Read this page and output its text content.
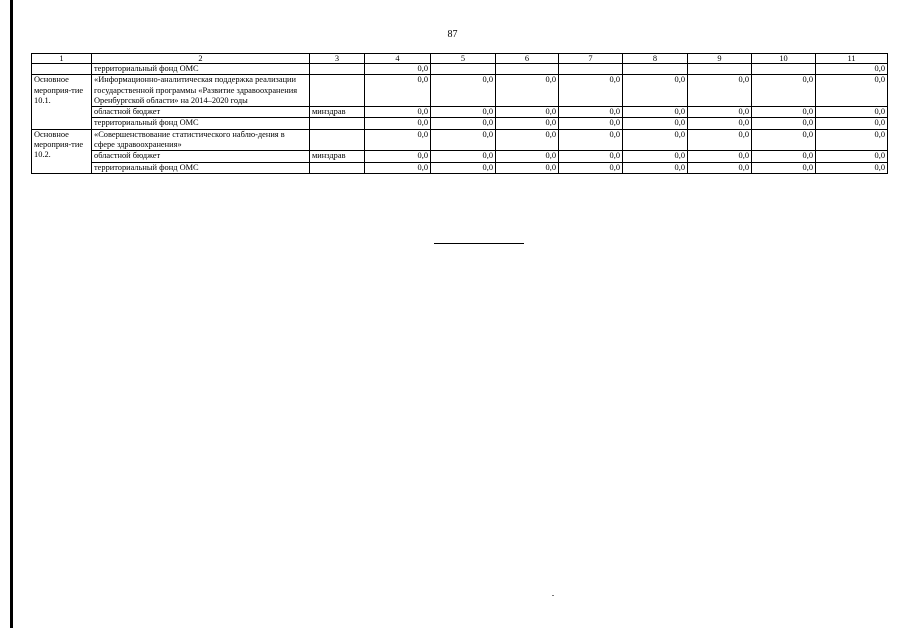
87
1	2	3	4	5	6	7	8	9	10	11
	территориальный фонд ОМС		0,0							0,0
Основное мероприя-тие 10.1.	«Информационно-аналитическая поддержка реализации государственной программы «Развитие здравоохранения Оренбургской области» на 2014–2020 годы		0,0	0,0	0,0	0,0	0,0	0,0	0,0	0,0
	областной бюджет	минздрав	0,0	0,0	0,0	0,0	0,0	0,0	0,0	0,0
	территориальный фонд ОМС		0,0	0,0	0,0	0,0	0,0	0,0	0,0	0,0
Основное мероприя-тие 10.2.	«Совершенствование статистического наблю-дения в сфере здравоохранения»		0,0	0,0	0,0	0,0	0,0	0,0	0,0	0,0
	областной бюджет	минздрав	0,0	0,0	0,0	0,0	0,0	0,0	0,0	0,0
	территориальный фонд ОМС		0,0	0,0	0,0	0,0	0,0	0,0	0,0	0,0
